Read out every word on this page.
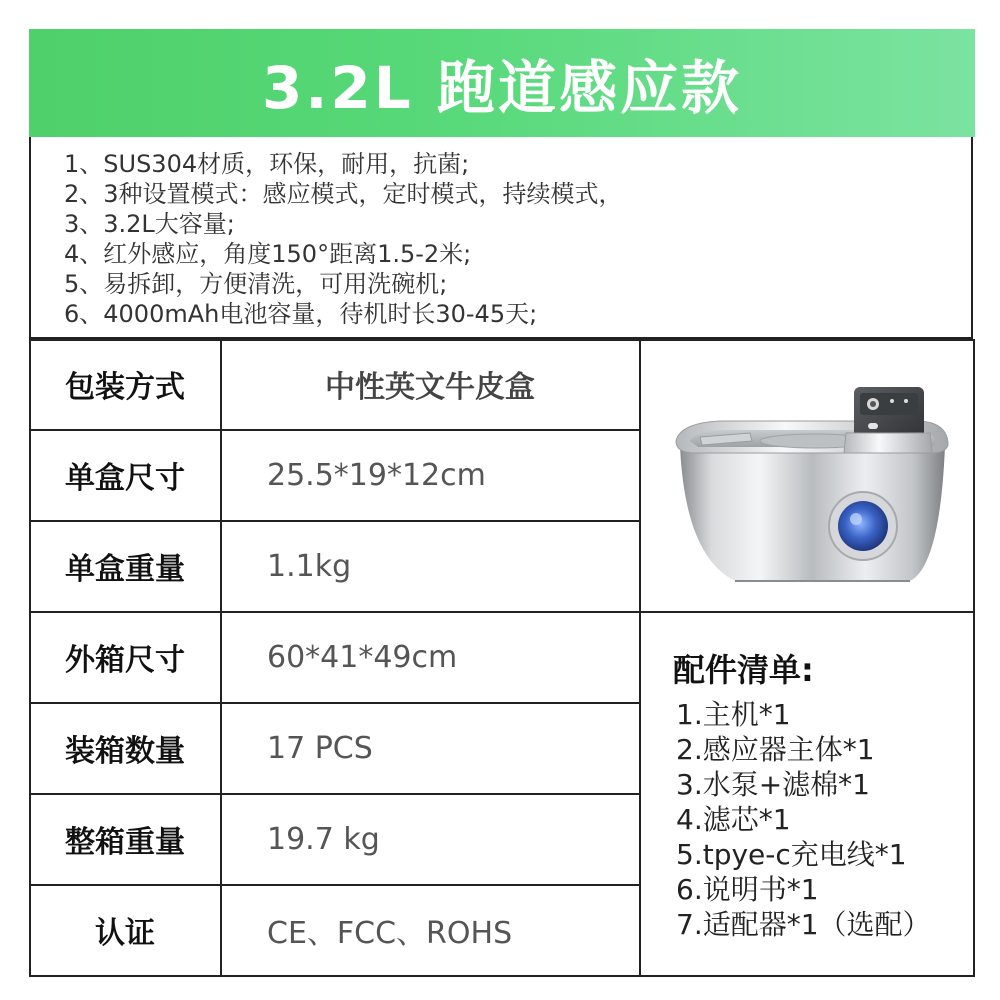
3.2L 跑道感应款
1、SUS304材质，环保，耐用，抗菌;
2、3种设置模式：感应模式，定时模式，持续模式，
3、3.2L大容量;
4、红外感应，角度150°距离1.5-2米;
5、易拆卸，方便清洗，可用洗碗机;
6、4000mAh电池容量，待机时长30-45天;
包装方式	中性英文牛皮盒
单盒尺寸	25.5*19*12cm
单盒重量	1.1kg
外箱尺寸	60*41*49cm
装箱数量	17 PCS
整箱重量	19.7 kg
认证	CE、FCC、ROHS
配件清单:
1.主机*1
2.感应器主体*1
3.水泵+滤棉*1
4.滤芯*1
5.tpye-c充电线*1
6.说明书*1
7.适配器*1（选配）
